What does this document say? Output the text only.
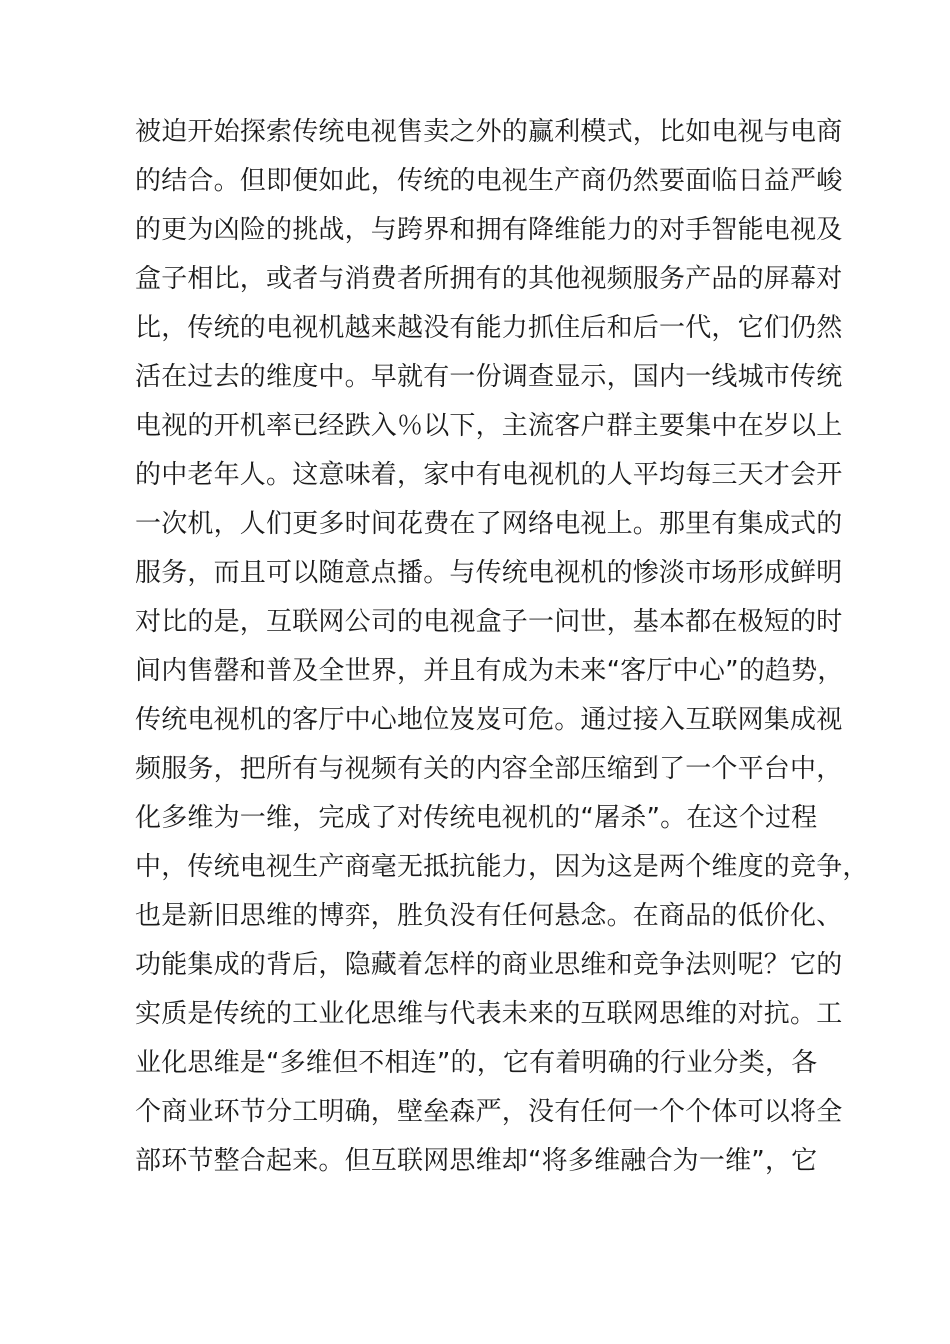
被迫开始探索传统电视售卖之外的赢利模式，比如电视与电商
的结合。但即便如此，传统的电视生产商仍然要面临日益严峻
的更为凶险的挑战，与跨界和拥有降维能力的对手智能电视及
盒子相比，或者与消费者所拥有的其他视频服务产品的屏幕对
比，传统的电视机越来越没有能力抓住后和后一代，它们仍然
活在过去的维度中。早就有一份调查显示，国内一线城市传统
电视的开机率已经跌入％以下，主流客户群主要集中在岁以上
的中老年人。这意味着，家中有电视机的人平均每三天才会开
一次机，人们更多时间花费在了网络电视上。那里有集成式的
服务，而且可以随意点播。与传统电视机的惨淡市场形成鲜明
对比的是，互联网公司的电视盒子一问世，基本都在极短的时
间内售罄和普及全世界，并且有成为未来“客厅中心”的趋势，
传统电视机的客厅中心地位岌岌可危。通过接入互联网集成视
频服务，把所有与视频有关的内容全部压缩到了一个平台中，
化多维为一维，完成了对传统电视机的“屠杀”。在这个过程
中，传统电视生产商毫无抵抗能力，因为这是两个维度的竞争，
也是新旧思维的博弈，胜负没有任何悬念。在商品的低价化、
功能集成的背后，隐藏着怎样的商业思维和竞争法则呢？它的
实质是传统的工业化思维与代表未来的互联网思维的对抗。工
业化思维是“多维但不相连”的，它有着明确的行业分类，各
个商业环节分工明确，壁垒森严，没有任何一个个体可以将全
部环节整合起来。但互联网思维却“将多维融合为一维”，它
